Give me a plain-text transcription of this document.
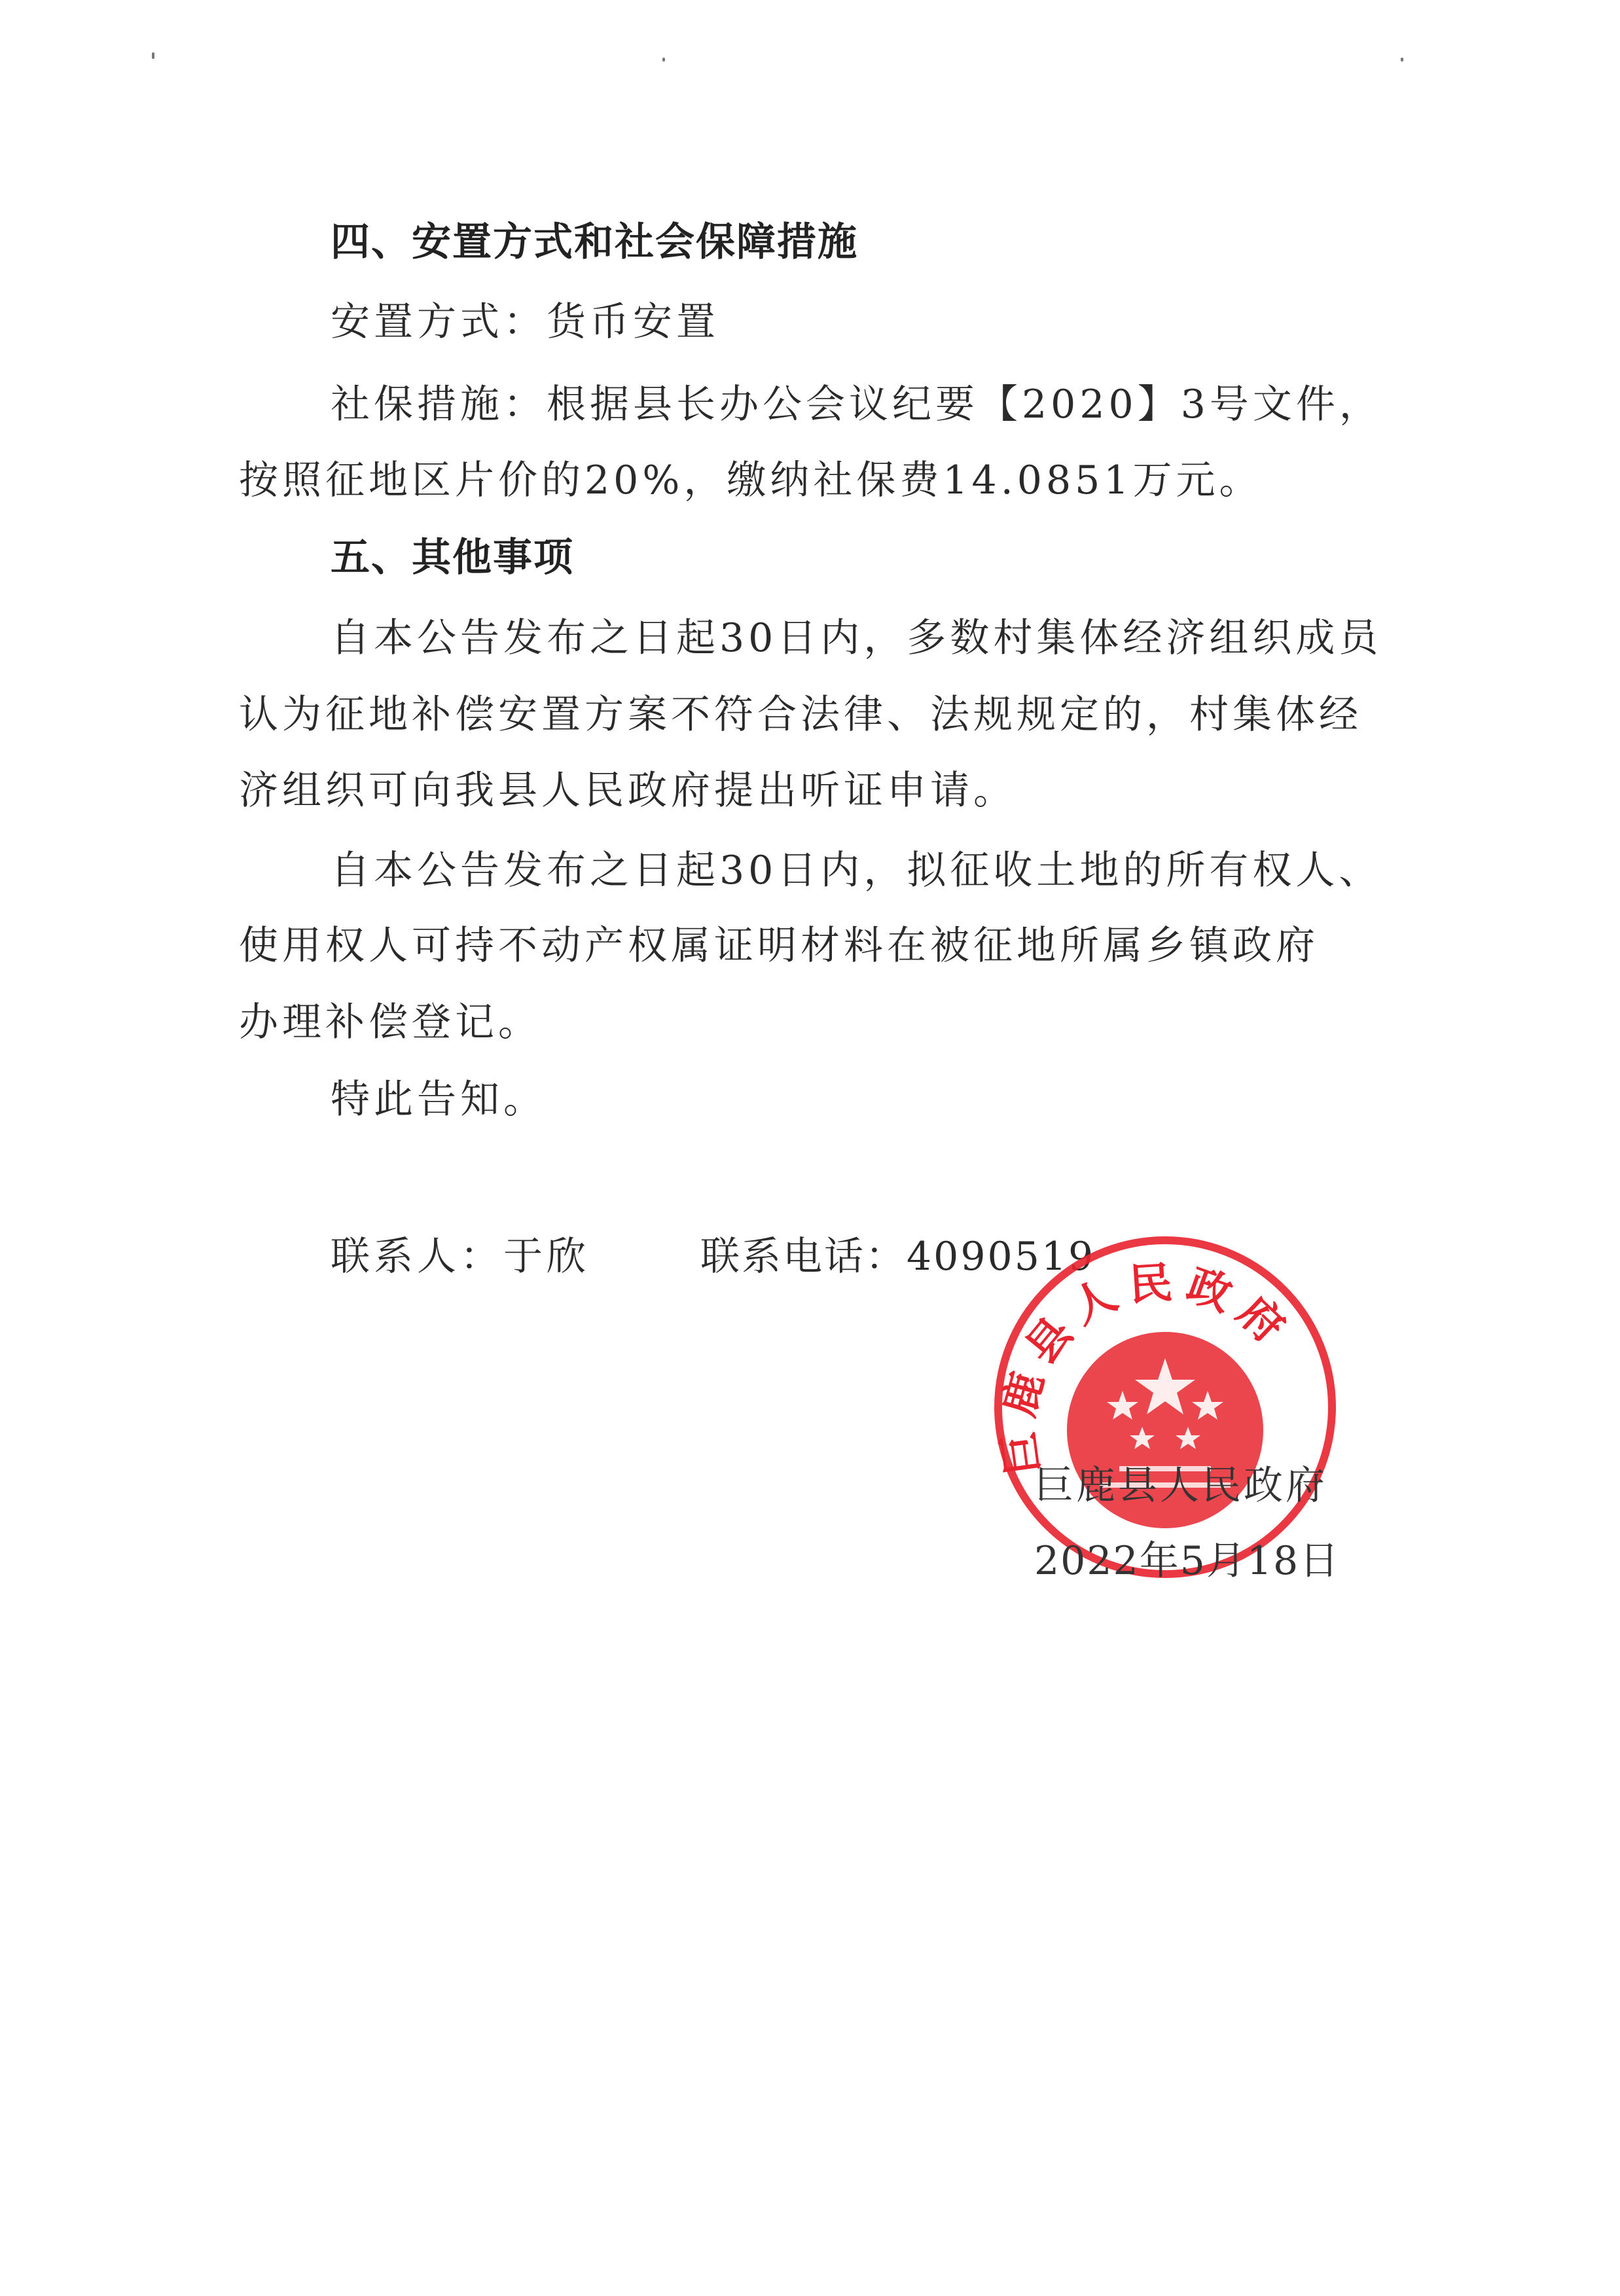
四、安置方式和社会保障措施
安置方式：货币安置
社保措施：根据县长办公会议纪要【2020】3号文件，
按照征地区片价的20%，缴纳社保费14.0851万元。
五、其他事项
自本公告发布之日起30日内，多数村集体经济组织成员
认为征地补偿安置方案不符合法律、法规规定的，村集体经
济组织可向我县人民政府提出听证申请。
自本公告发布之日起30日内，拟征收土地的所有权人、
使用权人可持不动产权属证明材料在被征地所属乡镇政府
办理补偿登记。
特此告知。
联系人：于欣	联系电话：4090519
巨鹿县人民政府
巨鹿县人民政府
2022年5月18日
